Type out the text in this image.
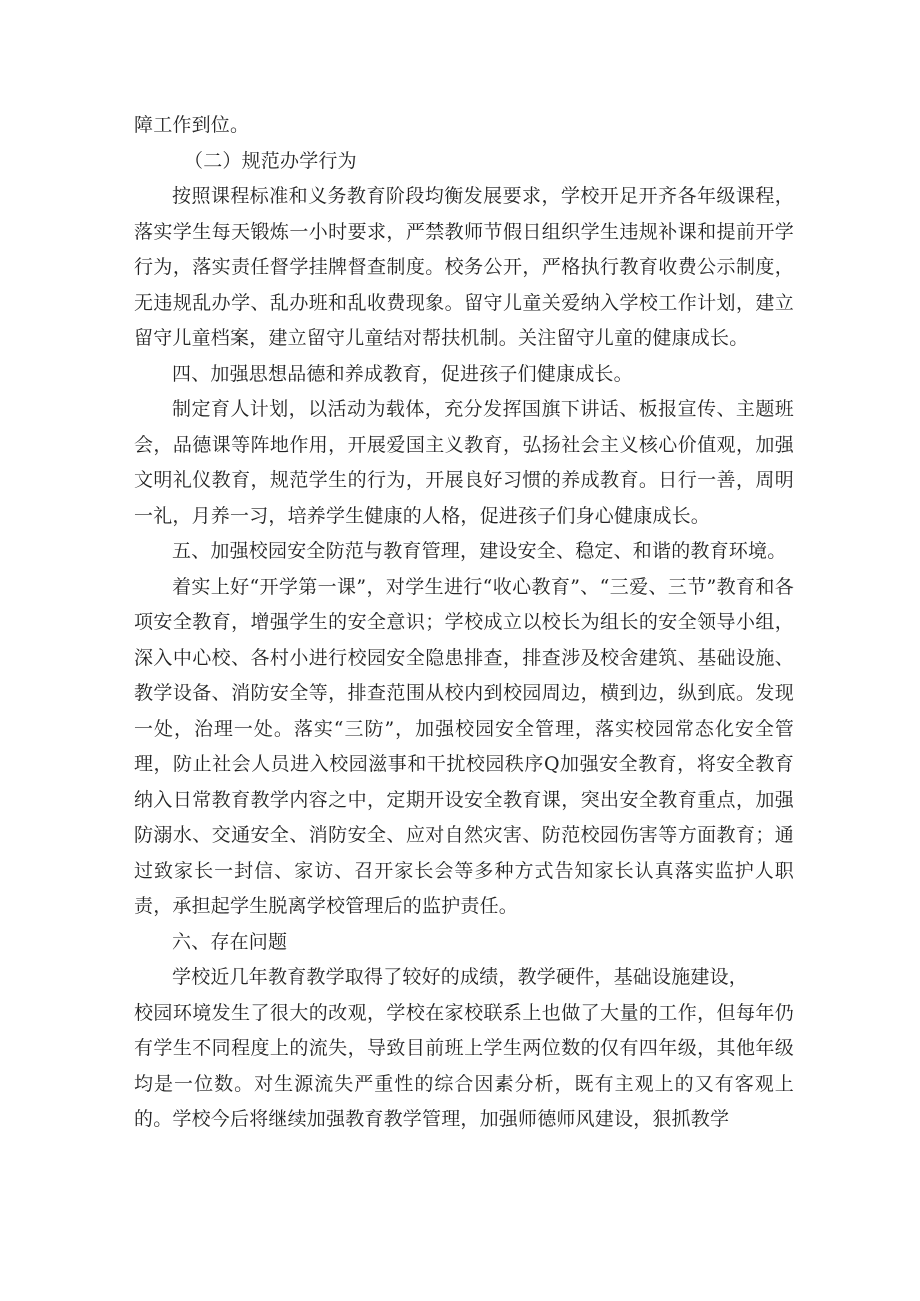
障工作到位。

（二）规范办学行为

按照课程标准和义务教育阶段均衡发展要求，学校开足开齐各年级课程，落实学生每天锻炼一小时要求，严禁教师节假日组织学生违规补课和提前开学行为，落实责任督学挂牌督查制度。校务公开，严格执行教育收费公示制度，无违规乱办学、乱办班和乱收费现象。留守儿童关爱纳入学校工作计划，建立留守儿童档案，建立留守儿童结对帮扶机制。关注留守儿童的健康成长。

四、加强思想品德和养成教育，促进孩子们健康成长。

制定育人计划，以活动为载体，充分发挥国旗下讲话、板报宣传、主题班会，品德课等阵地作用，开展爱国主义教育，弘扬社会主义核心价值观，加强文明礼仪教育，规范学生的行为，开展良好习惯的养成教育。日行一善，周明一礼，月养一习，培养学生健康的人格，促进孩子们身心健康成长。

五、加强校园安全防范与教育管理，建设安全、稳定、和谐的教育环境。

着实上好“开学第一课”，对学生进行“收心教育”、“三爱、三节”教育和各项安全教育，增强学生的安全意识；学校成立以校长为组长的安全领导小组，深入中心校、各村小进行校园安全隐患排查，排查涉及校舍建筑、基础设施、教学设备、消防安全等，排查范围从校内到校园周边，横到边，纵到底。发现一处，治理一处。落实“三防”，加强校园安全管理，落实校园常态化安全管理，防止社会人员进入校园滋事和干扰校园秩序Q加强安全教育，将安全教育纳入日常教育教学内容之中，定期开设安全教育课，突出安全教育重点，加强防溺水、交通安全、消防安全、应对自然灾害、防范校园伤害等方面教育；通过致家长一封信、家访、召开家长会等多种方式告知家长认真落实监护人职责，承担起学生脱离学校管理后的监护责任。

六、存在问题

学校近几年教育教学取得了较好的成绩，教学硬件，基础设施建设，

校园环境发生了很大的改观，学校在家校联系上也做了大量的工作，但每年仍有学生不同程度上的流失，导致目前班上学生两位数的仅有四年级，其他年级均是一位数。对生源流失严重性的综合因素分析，既有主观上的又有客观上的。学校今后将继续加强教育教学管理，加强师德师风建设，狠抓教学
